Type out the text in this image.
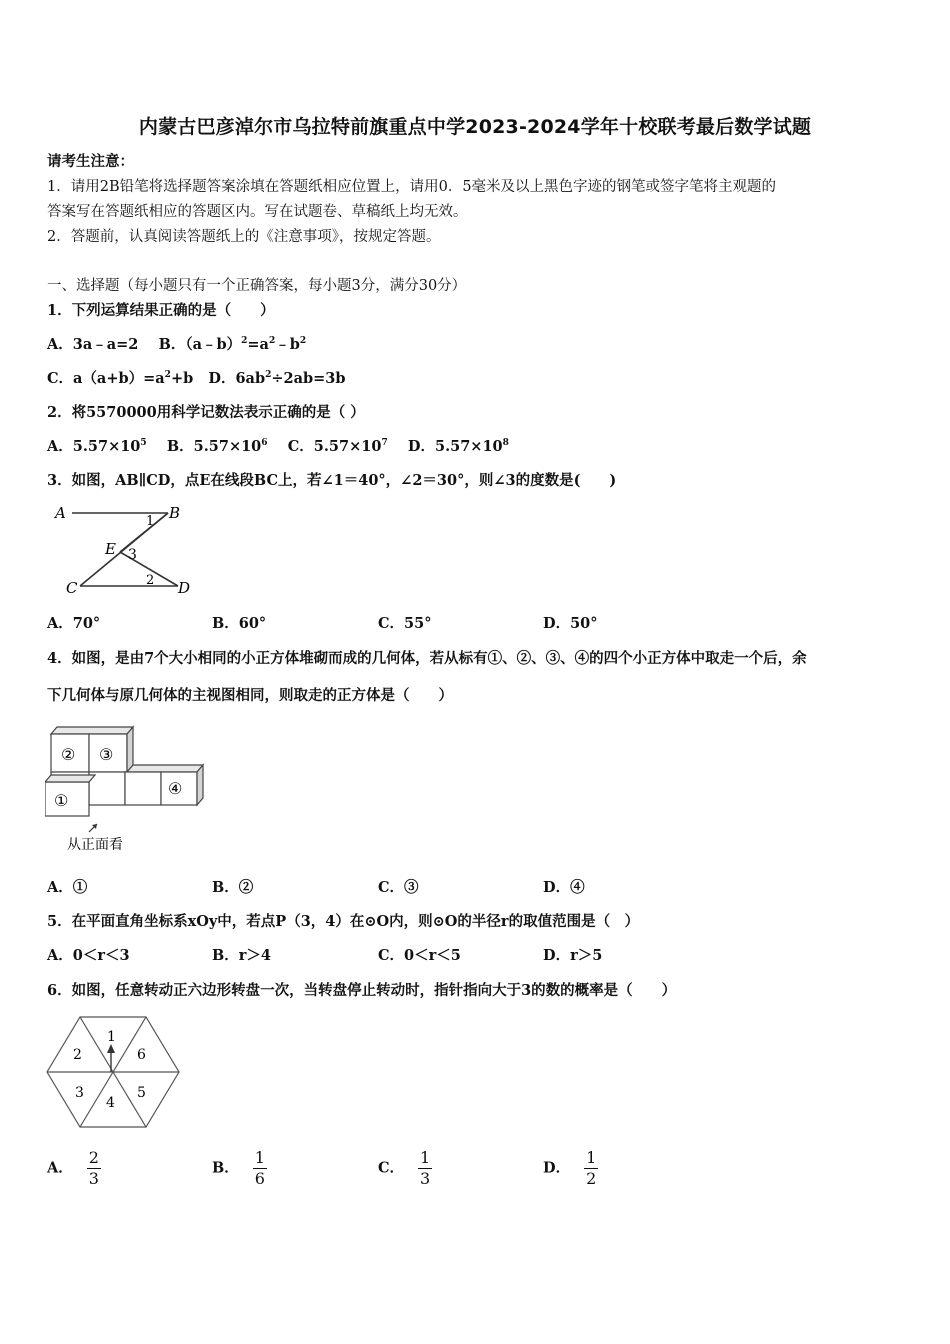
内蒙古巴彦淖尔市乌拉特前旗重点中学2023-2024学年十校联考最后数学试题
请考生注意：
1．请用2B铅笔将选择题答案涂填在答题纸相应位置上，请用0．5毫米及以上黑色字迹的钢笔或签字笔将主观题的
答案写在答题纸相应的答题区内。写在试题卷、草稿纸上均无效。
2．答题前，认真阅读答题纸上的《注意事项》，按规定答题。
一、选择题（每小题只有一个正确答案，每小题3分，满分30分）
1．下列运算结果正确的是（　　）
A．3a﹣a=2 B．$(a﹣b)^2=a^2﹣b^2$
C．$a(a+b)=a^2+b$ D．$6ab^2\div 2ab=3b$
2．将5570000用科学记数法表示正确的是（ ）
A．$5.57\times 10^5$ B．$5.57\times 10^6$ C．$5.57\times 10^7$ D．$5.57\times 10^8$
3．如图，AB∥CD，点E在线段BC上，若∠1＝40°，∠2＝30°，则∠3的度数是(　　)
A	B
E 3
1
2
C	D
A．70°	B．60°	C．55°	D．50°
4．如图，是由7个大小相同的小正方体堆砌而成的几何体，若从标有①、②、③、④的四个小正方体中取走一个后，余
下几何体与原几何体的主视图相同，则取走的正方体是（　　）
② ③
①
④
从正面看
A．①	B．②	C．③	D．④
5．在平面直角坐标系xOy中，若点P（3，4）在⊙O内，则⊙O的半径r的取值范围是（　）
A．0＜r＜3	B．r＞4	C．0＜r＜5	D．r＞5
6．如图，任意转动正六边形转盘一次，当转盘停止转动时，指针指向大于3的数的概率是（　　）
1
2
3
4
5
6
A． $\frac{2}{3}$	B． $\frac{1}{6}$	C． $\frac{1}{3}$	D． $\frac{1}{2}$
